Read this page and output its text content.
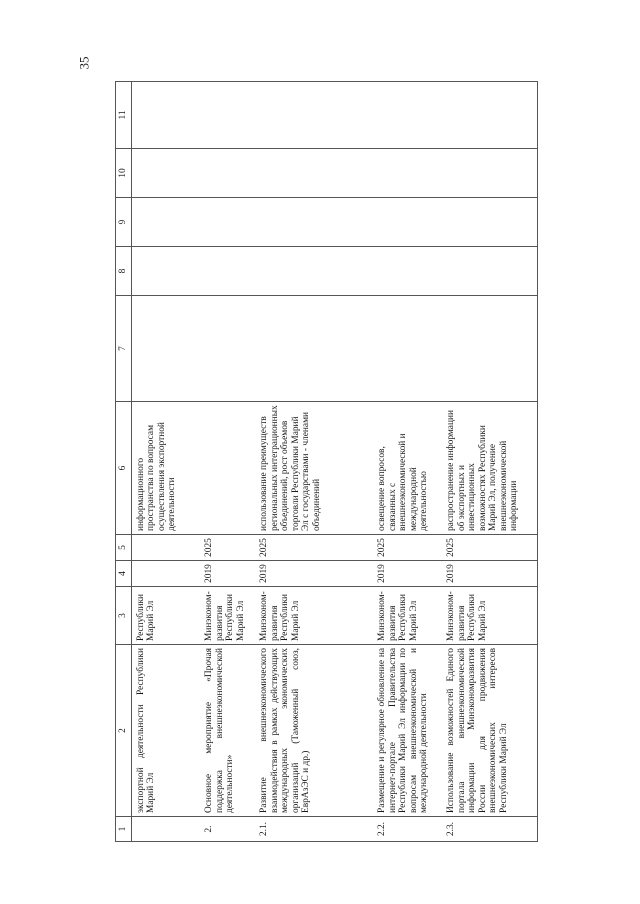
35
1	2	3	4	5	6	7	8	9	10	11
	экспортной деятельности Республики Марий Эл	Республики
Марий Эл			информационного пространства по вопросам осуществления экспортной деятельности					
2.	Основное мероприятие «Прочая поддержка внешнеэкономической деятельности»	Минэконом-
развития
Республики
Марий Эл	2019	2025						
2.1.	Развитие внешнеэкономического взаимодействия в рамках действующих международных экономических организаций (Таможенный союз, ЕврАзЭС и др.)	Минэконом-
развития
Республики
Марий Эл	2019	2025	использование преимуществ региональных интеграционных объединений, рост объемов торговли Республики Марий Эл с государствами - членами объединений					
2.2.	Размещение и регулярное обновление на интернет-портале Правительства Республики Марий Эл информации по вопросам внешнеэкономической и международной деятельности	Минэконом-
развития
Республики
Марий Эл	2019	2025	освещение вопросов, связанных с внешнеэкономической и международной деятельностью					
2.3.	Использование возможностей Единого портала внешнеэкономической информации Минэкономразвития России для продвижения внешнеэкономических интересов Республики Марий Эл	Минэконом-
развития
Республики
Марий Эл	2019	2025	распространение информации об экспортных и инвестиционных возможностях Республики Марий Эл, получение внешнеэкономической информации					
